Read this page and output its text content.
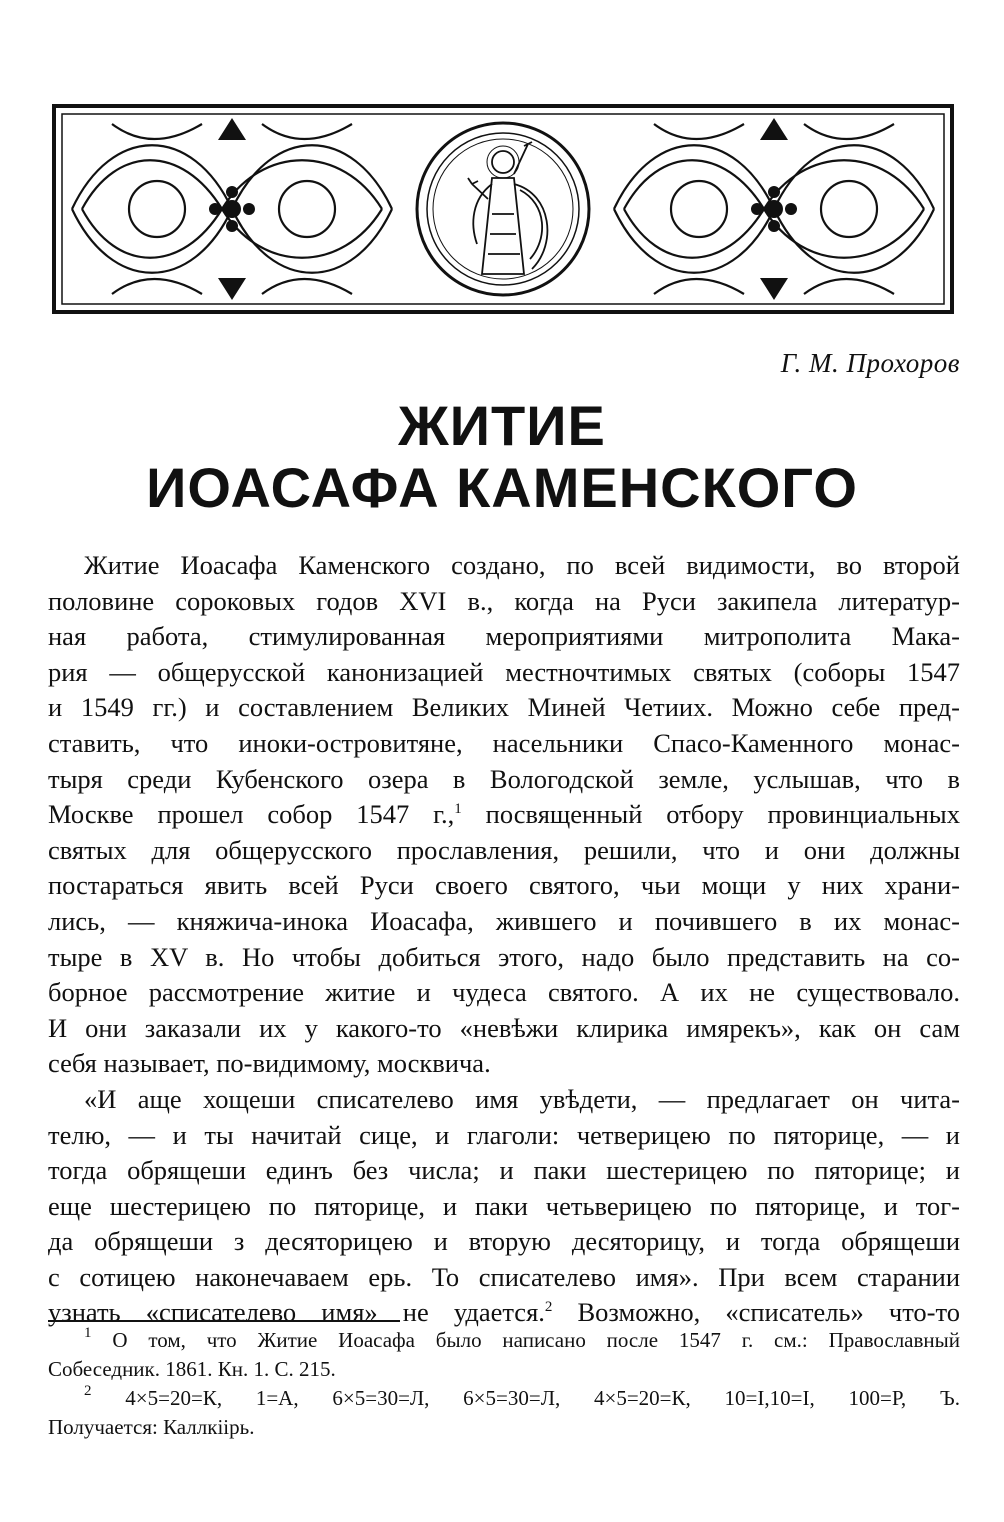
Г. М. Прохоров
ЖИТИЕ
ИОАСАФА КАМЕНСКОГО

Житие Иоасафа Каменского создано, по всей видимости, во второй
половине сороковых годов XVI в., когда на Руси закипела литератур-
ная работа, стимулированная мероприятиями митрополита Мака-
рия — общерусской канонизацией местночтимых святых (соборы 1547
и 1549 гг.) и составлением Великих Миней Четиих. Можно себе пред-
ставить, что иноки-островитяне, насельники Спасо-Каменного монас-
тыря среди Кубенского озера в Вологодской земле, услышав, что в
Москве прошел собор 1547 г.,$^1$ посвященный отбору провинциальных
святых для общерусского прославления, решили, что и они должны
постараться явить всей Руси своего святого, чьи мощи у них храни-
лись, — княжича-инока Иоасафа, жившего и почившего в их монас-
тыре в XV в. Но чтобы добиться этого, надо было представить на со-
борное рассмотрение житие и чудеса святого. А их не существовало.
И они заказали их у какого-то «невѣжи клирика имярекъ», как он сам
себя называет, по-видимому, москвича.

«И аще хощеши списателево имя увѣдети, — предлагает он чита-
телю, — и ты начитай сице, и глаголи: четверицею по пяторице, — и
тогда обрящеши единъ без числа; и паки шестерицею по пяторице; и
еще шестерицею по пяторице, и паки четьверицею по пяторице, и тог-
да обрящеши з десяторицею и вторую десяторицу, и тогда обрящеши
с сотицею наконечаваем ерь. То списателево имя». При всем старании
узнать «списателево имя» не удается.$^2$ Возможно, «списатель» что-то

$^1$ О том, что Житие Иоасафа было написано после 1547 г. см.: Православный
Собеседник. 1861. Кн. 1. С. 215.
$^2$ 4×5=20=К, 1=А, 6×5=30=Л, 6×5=30=Л, 4×5=20=К, 10=І,10=І, 100=Р, Ъ.
Получается: Каллкіірь.
